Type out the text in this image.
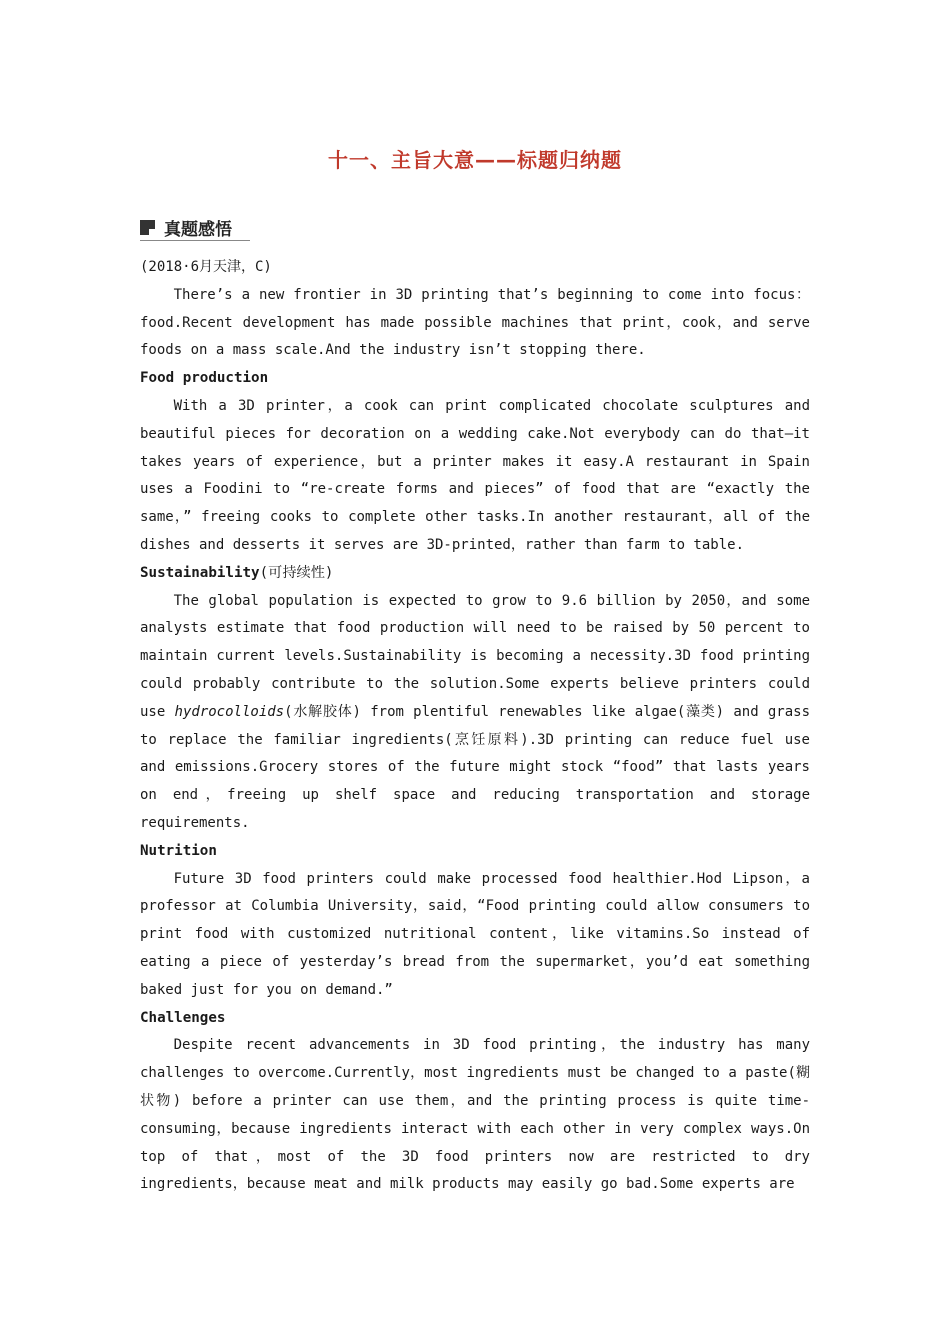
十一、主旨大意——标题归纳题
真题感悟

(2018·6月天津，C)

There’s a new frontier in 3D printing that’s beginning to come into focus：food.Recent development has made possible machines that print，cook，and serve foods on a mass scale.And the industry isn’t stopping there.

Food production

With a 3D printer，a cook can print complicated chocolate sculptures and beautiful pieces for decoration on a wedding cake.Not everybody can do that—it takes years of experience，but a printer makes it easy.A restaurant in Spain uses a Foodini to “re-create forms and pieces” of food that are “exactly the same，” freeing cooks to complete other tasks.In another restaurant，all of the dishes and desserts it serves are 3D-printed，rather than farm to table.

Sustainability(可持续性)

The global population is expected to grow to 9.6 billion by 2050，and some analysts estimate that food production will need to be raised by 50 percent to maintain current levels.Sustainability is becoming a necessity.3D food printing could probably contribute to the solution.Some experts believe printers could use hydrocolloids(水解胶体) from plentiful renewables like algae(藻类) and grass to replace the familiar ingredients(烹饪原料).3D printing can reduce fuel use and emissions.Grocery stores of the future might stock “food” that lasts years on end，freeing up shelf space and reducing transportation and storage requirements.

Nutrition

Future 3D food printers could make processed food healthier.Hod Lipson，a professor at Columbia University，said，“Food printing could allow consumers to print food with customized nutritional content，like vitamins.So instead of eating a piece of yesterday’s bread from the supermarket，you’d eat something baked just for you on demand.”

Challenges

Despite recent advancements in 3D food printing，the industry has many challenges to overcome.Currently，most ingredients must be changed to a paste(糊状物) before a printer can use them，and the printing process is quite time-consuming，because ingredients interact with each other in very complex ways.On top of that，most of the 3D food printers now are restricted to dry ingredients，because meat and milk products may easily go bad.Some experts are
